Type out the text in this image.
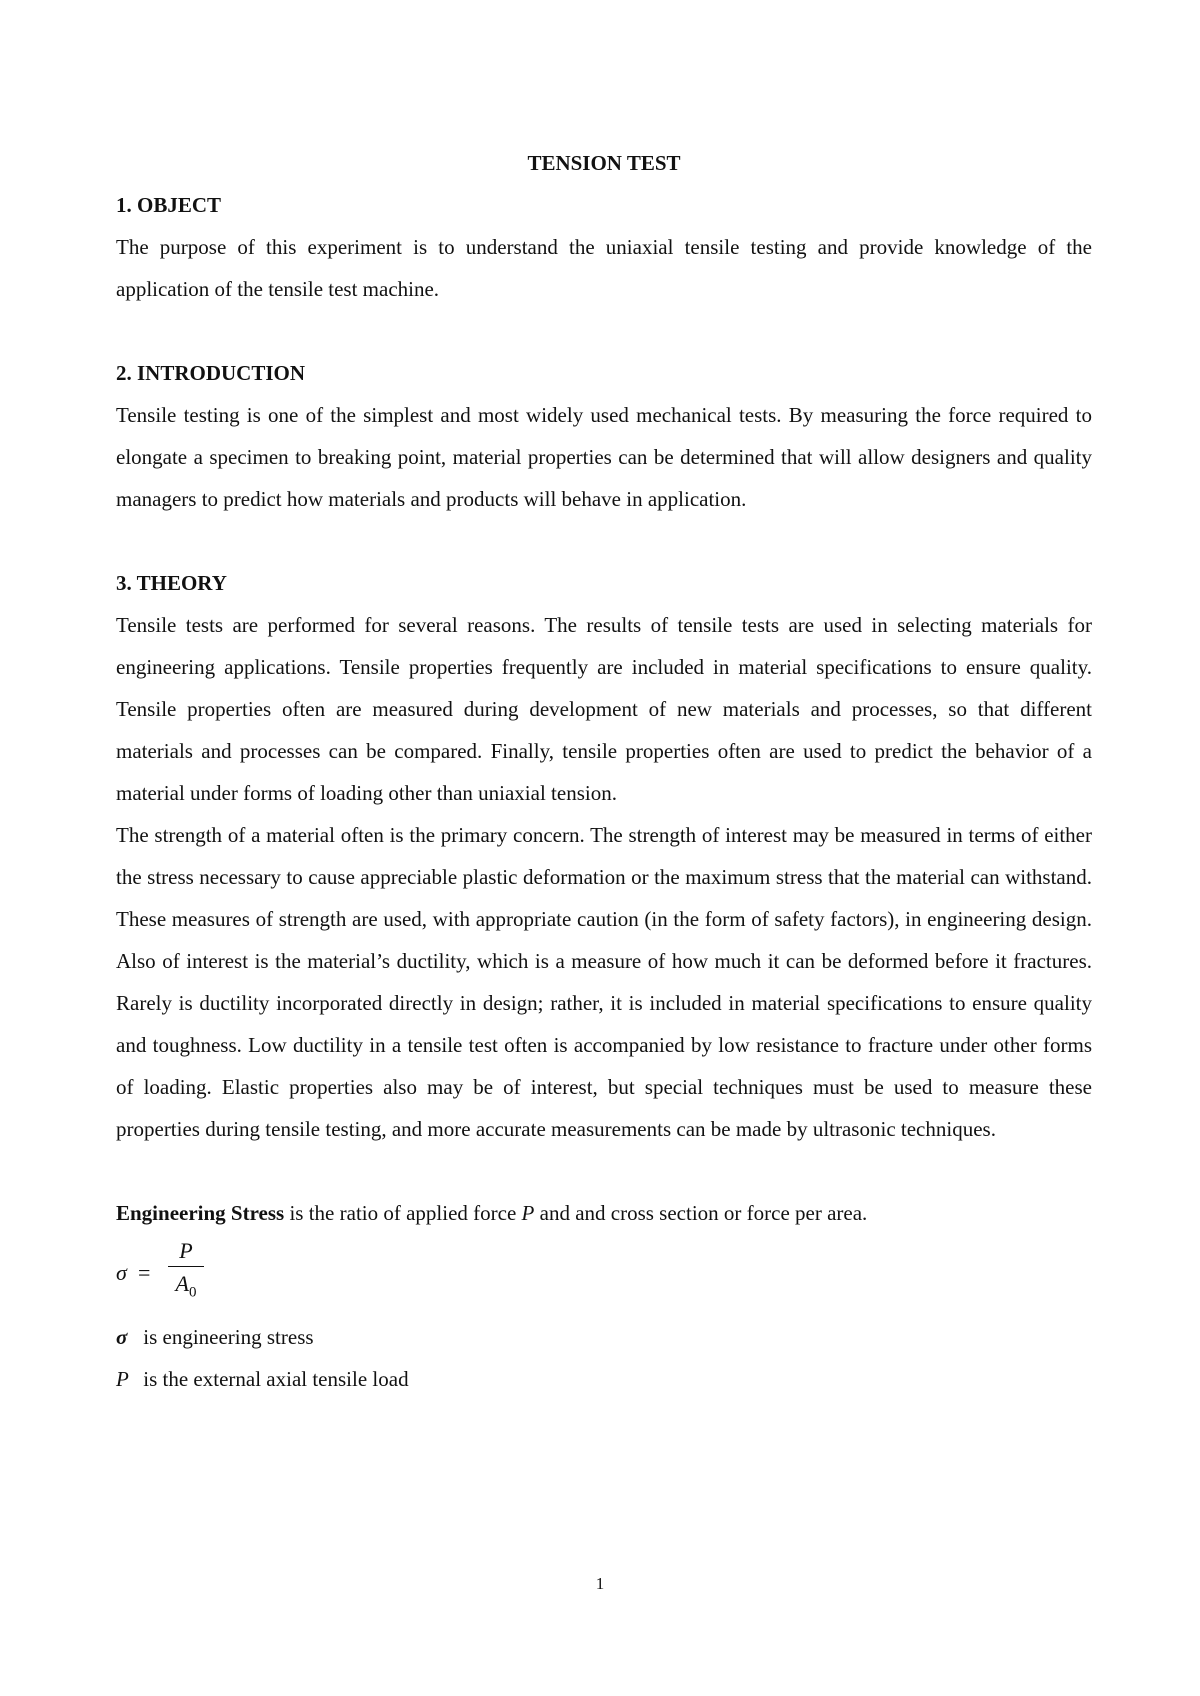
TENSION TEST

1. OBJECT

The purpose of this experiment is to understand the uniaxial tensile testing and provide knowledge of the application of the tensile test machine.

2. INTRODUCTION

Tensile testing is one of the simplest and most widely used mechanical tests. By measuring the force required to elongate a specimen to breaking point, material properties can be determined that will allow designers and quality managers to predict how materials and products will behave in application.

3. THEORY

Tensile tests are performed for several reasons. The results of tensile tests are used in selecting materials for engineering applications. Tensile properties frequently are included in material specifications to ensure quality. Tensile properties often are measured during development of new materials and processes, so that different materials and processes can be compared. Finally, tensile properties often are used to predict the behavior of a material under forms of loading other than uniaxial tension.

The strength of a material often is the primary concern. The strength of interest may be measured in terms of either the stress necessary to cause appreciable plastic deformation or the maximum stress that the material can withstand. These measures of strength are used, with appropriate caution (in the form of safety factors), in engineering design. Also of interest is the material’s ductility, which is a measure of how much it can be deformed before it fractures. Rarely is ductility incorporated directly in design; rather, it is included in material specifications to ensure quality and toughness. Low ductility in a tensile test often is accompanied by low resistance to fracture under other forms of loading. Elastic properties also may be of interest, but special techniques must be used to measure these properties during tensile testing, and more accurate measurements can be made by ultrasonic techniques.

Engineering Stress is the ratio of applied force P and and cross section or force per area.

σ =
P
$A_0$

σ is engineering stress

P is the external axial tensile load

1
